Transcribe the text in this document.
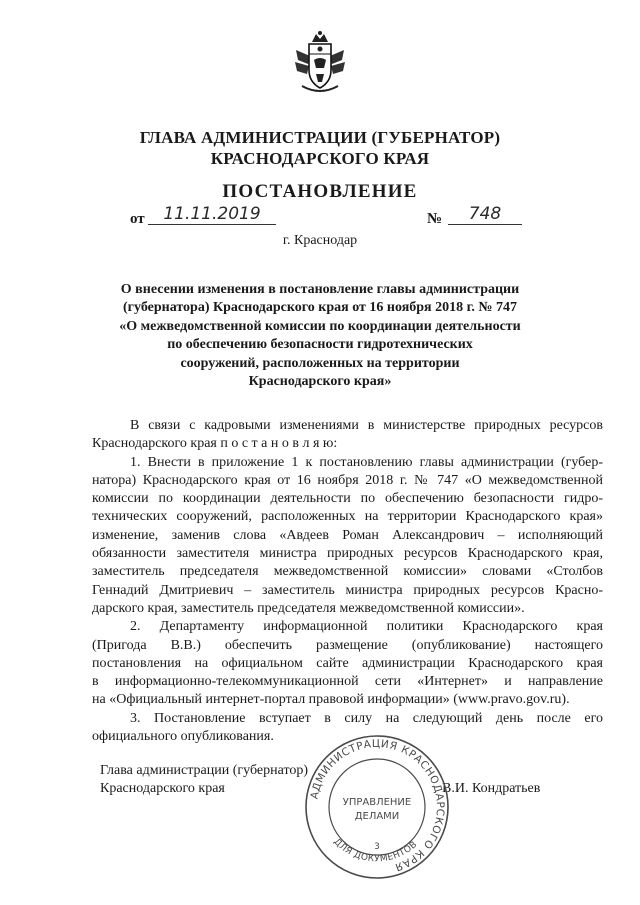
ГЛАВА АДМИНИСТРАЦИИ (ГУБЕРНАТОР)
КРАСНОДАРСКОГО КРАЯ
ПОСТАНОВЛЕНИЕ
от	11.11.2019	№	748
г. Краснодар
О внесении изменения в постановление главы администрации
(губернатора) Краснодарского края от 16 ноября 2018 г. № 747
«О межведомственной комиссии по координации деятельности
по обеспечению безопасности гидротехнических
сооружений, расположенных на территории
Краснодарского края»

В связи с кадровыми изменениями в министерстве природных ресурсов
Краснодарского края п о с т а н о в л я ю:

1. Внести в приложение 1 к постановлению главы администрации (губер-
натора) Краснодарского края от 16 ноября 2018 г. № 747 «О межведомственной
комиссии по координации деятельности по обеспечению безопасности гидро-
технических сооружений, расположенных на территории Краснодарского края»
изменение, заменив слова «Авдеев Роман Александрович – исполняющий
обязанности заместителя министра природных ресурсов Краснодарского края,
заместитель председателя межведомственной комиссии» словами «Столбов
Геннадий Дмитриевич – заместитель министра природных ресурсов Красно-
дарского края, заместитель председателя межведомственной комиссии».

2. Департаменту информационной политики Краснодарского края
(Пригода В.В.) обеспечить размещение (опубликование) настоящего
постановления на официальном сайте администрации Краснодарского края
в информационно-телекоммуникационной сети «Интернет» и направление
на «Официальный интернет-портал правовой информации» (www.pravo.gov.ru).

3. Постановление вступает в силу на следующий день после его
официального опубликования.

Глава администрации (губернатор)
Краснодарского края	В.И. Кондратьев
АДМИНИСТРАЦИЯ КРАСНОДАРСКОГО КРАЯ
ДЛЯ ДОКУМЕНТОВ
УПРАВЛЕНИЕ
ДЕЛАМИ
3
